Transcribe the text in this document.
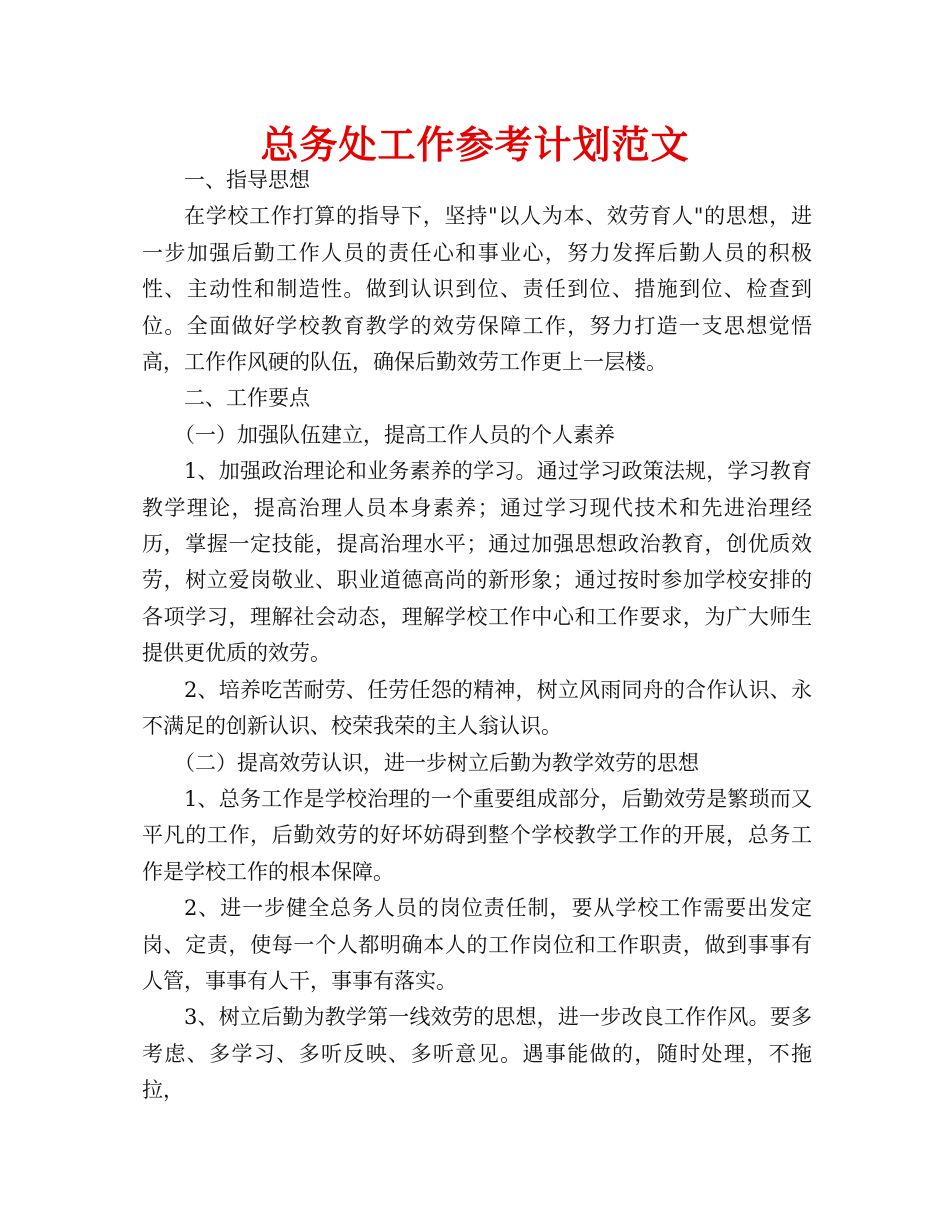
总务处工作参考计划范文

一、指导思想

在学校工作打算的指导下，坚持"以人为本、效劳育人"的思想，进一步加强后勤工作人员的责任心和事业心，努力发挥后勤人员的积极性、主动性和制造性。做到认识到位、责任到位、措施到位、检查到位。全面做好学校教育教学的效劳保障工作，努力打造一支思想觉悟高，工作作风硬的队伍，确保后勤效劳工作更上一层楼。

二、工作要点

（一）加强队伍建立，提高工作人员的个人素养

1、加强政治理论和业务素养的学习。通过学习政策法规，学习教育教学理论，提高治理人员本身素养；通过学习现代技术和先进治理经历，掌握一定技能，提高治理水平；通过加强思想政治教育，创优质效劳，树立爱岗敬业、职业道德高尚的新形象；通过按时参加学校安排的各项学习，理解社会动态，理解学校工作中心和工作要求，为广大师生提供更优质的效劳。

2、培养吃苦耐劳、任劳任怨的精神，树立风雨同舟的合作认识、永不满足的创新认识、校荣我荣的主人翁认识。

（二）提高效劳认识，进一步树立后勤为教学效劳的思想

1、总务工作是学校治理的一个重要组成部分，后勤效劳是繁琐而又平凡的工作，后勤效劳的好坏妨碍到整个学校教学工作的开展，总务工作是学校工作的根本保障。

2、进一步健全总务人员的岗位责任制，要从学校工作需要出发定岗、定责，使每一个人都明确本人的工作岗位和工作职责，做到事事有人管，事事有人干，事事有落实。

3、树立后勤为教学第一线效劳的思想，进一步改良工作作风。要多考虑、多学习、多听反映、多听意见。遇事能做的，随时处理，不拖拉，
